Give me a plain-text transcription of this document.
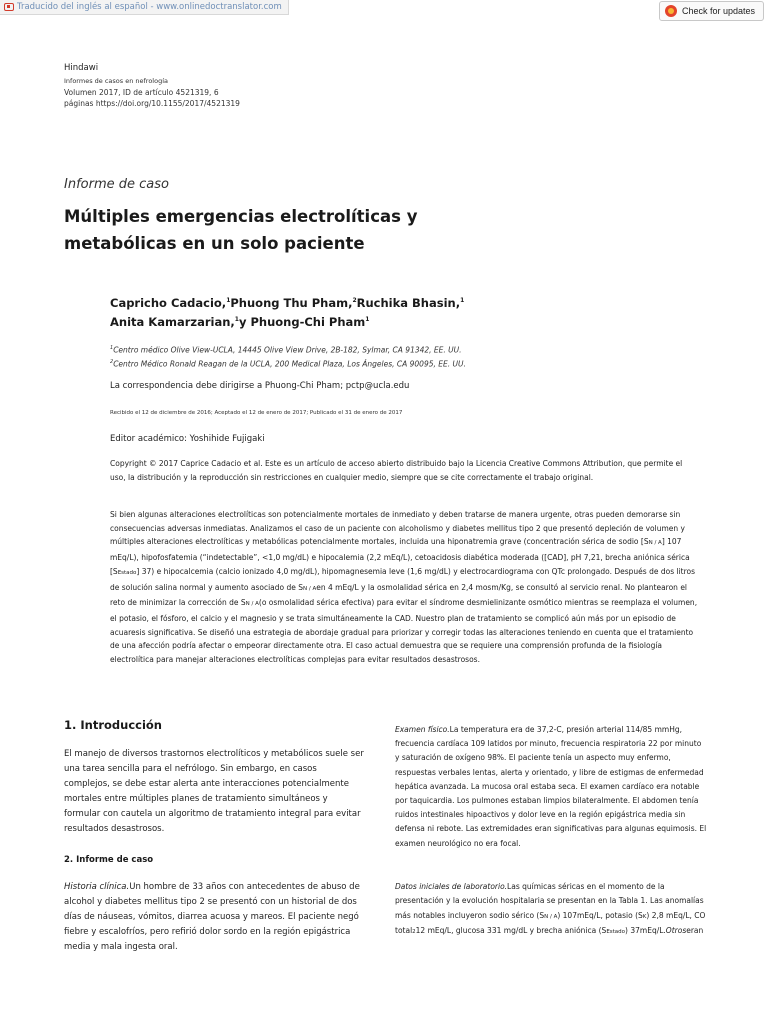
Traducido del inglés al español - www.onlinedoctranslator.com	Check for updates
Hindawi
Informes de casos en nefrología
Volumen 2017, ID de artículo 4521319, 6
páginas https://doi.org/10.1155/2017/4521319
Informe de caso
Múltiples emergencias electrolíticas y metabólicas en un solo paciente
Capricho Cadacio,$^1$Phuong Thu Pham,$^2$Ruchika Bhasin,$^1$
Anita Kamarzarian,$^1$y Phuong-Chi Pham$^1$
$^1$Centro médico Olive View-UCLA, 14445 Olive View Drive, 2B-182, Sylmar, CA 91342, EE. UU.
$^2$Centro Médico Ronald Reagan de la UCLA, 200 Medical Plaza, Los Ángeles, CA 90095, EE. UU.
La correspondencia debe dirigirse a Phuong-Chi Pham; pctp@ucla.edu
Recibido el 12 de diciembre de 2016; Aceptado el 12 de enero de 2017; Publicado el 31 de enero de 2017
Editor académico: Yoshihide Fujigaki
Copyright © 2017 Caprice Cadacio et al. Este es un artículo de acceso abierto distribuido bajo la Licencia Creative Commons Attribution, que permite el uso, la distribución y la reproducción sin restricciones en cualquier medio, siempre que se cite correctamente el trabajo original.
Si bien algunas alteraciones electrolíticas son potencialmente mortales de inmediato y deben tratarse de manera urgente, otras pueden demorarse sin consecuencias adversas inmediatas. Analizamos el caso de un paciente con alcoholismo y diabetes mellitus tipo 2 que presentó depleción de volumen y múltiples alteraciones electrolíticas y metabólicas potencialmente mortales, incluida una hiponatremia grave (concentración sérica de sodio [SN / A] 107 mEq/L), hipofosfatemia (“indetectable”, <1,0 mg/dL) e hipocalemia (2,2 mEq/L), cetoacidosis diabética moderada ([CAD], pH 7,21, brecha aniónica sérica [SEstado] 37) e hipocalcemia (calcio ionizado 4,0 mg/dL), hipomagnesemia leve (1,6 mg/dL) y electrocardiograma con QTc prolongado. Después de dos litros de solución salina normal y aumento asociado de SN / Aen 4 mEq/L y la osmolalidad sérica en 2,4 mosm/Kg, se consultó al servicio renal. No plantearon el reto de minimizar la corrección de SN / A(o osmolalidad sérica efectiva) para evitar el síndrome desmielinizante osmótico mientras se reemplaza el volumen, el potasio, el fósforo, el calcio y el magnesio y se trata simultáneamente la CAD. Nuestro plan de tratamiento se complicó aún más por un episodio de acuaresis significativa. Se diseñó una estrategia de abordaje gradual para priorizar y corregir todas las alteraciones teniendo en cuenta que el tratamiento de una afección podría afectar o empeorar directamente otra. El caso actual demuestra que se requiere una comprensión profunda de la fisiología electrolítica para manejar alteraciones electrolíticas complejas para evitar resultados desastrosos.
1. Introducción
El manejo de diversos trastornos electrolíticos y metabólicos suele ser una tarea sencilla para el nefrólogo. Sin embargo, en casos complejos, se debe estar alerta ante interacciones potencialmente mortales entre múltiples planes de tratamiento simultáneos y formular con cautela un algoritmo de tratamiento integral para evitar resultados desastrosos.
2. Informe de caso
Historia clínica.Un hombre de 33 años con antecedentes de abuso de alcohol y diabetes mellitus tipo 2 se presentó con un historial de dos días de náuseas, vómitos, diarrea acuosa y mareos. El paciente negó fiebre y escalofríos, pero refirió dolor sordo en la región epigástrica media y mala ingesta oral.
Examen físico.La temperatura era de 37,2-C, presión arterial 114/85 mmHg, frecuencia cardíaca 109 latidos por minuto, frecuencia respiratoria 22 por minuto y saturación de oxígeno 98%. El paciente tenía un aspecto muy enfermo, respuestas verbales lentas, alerta y orientado, y libre de estigmas de enfermedad hepática avanzada. La mucosa oral estaba seca. El examen cardíaco era notable por taquicardia. Los pulmones estaban limpios bilateralmente. El abdomen tenía ruidos intestinales hipoactivos y dolor leve en la región epigástrica media sin defensa ni rebote. Las extremidades eran significativas para algunas equimosis. El examen neurológico no era focal.
Datos iniciales de laboratorio.Las químicas séricas en el momento de la presentación y la evolución hospitalaria se presentan en la Tabla 1. Las anomalías más notables incluyeron sodio sérico (SN / A) 107mEq/L, potasio (SK) 2,8 mEq/L, CO total212 mEq/L, glucosa 331 mg/dL y brecha aniónica (SEstado) 37mEq/L.Otroseran
